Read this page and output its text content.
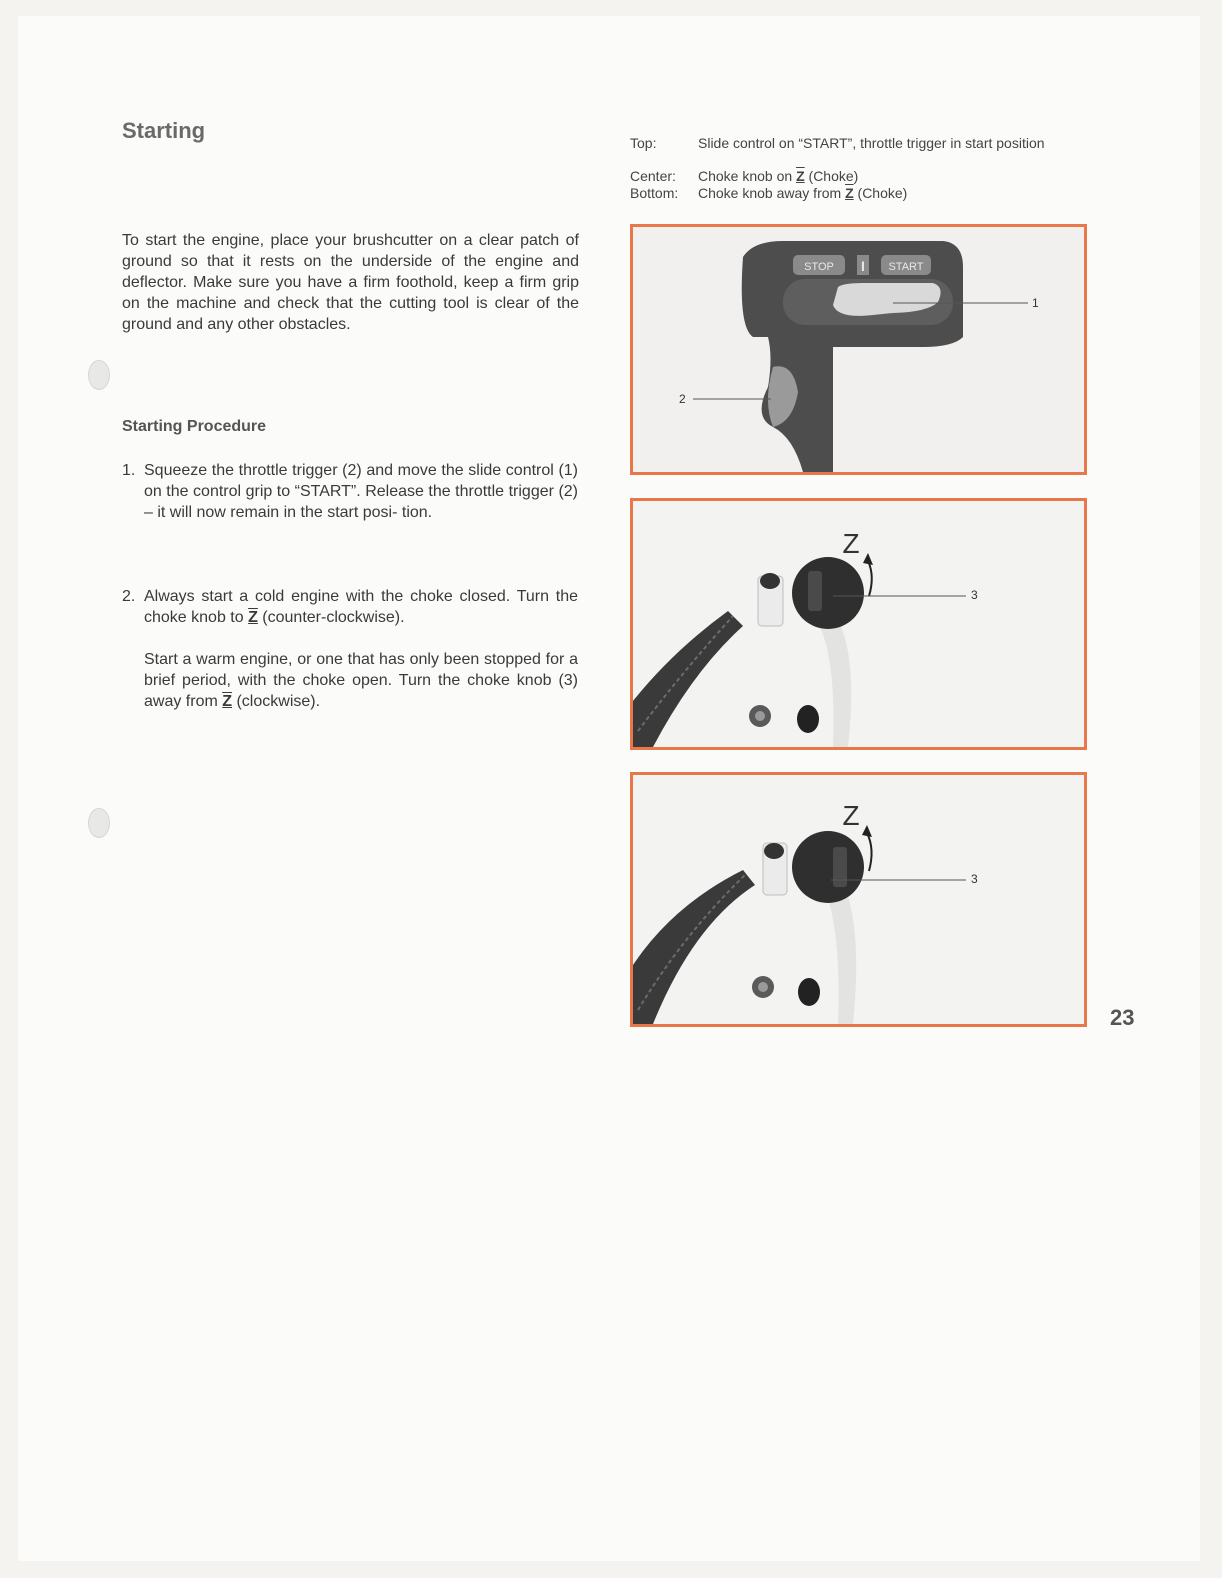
Starting
To start the engine, place your brushcutter on a clear patch of ground so that it rests on the underside of the engine and deflector. Make sure you have a firm foothold, keep a firm grip on the machine and check that the cutting tool is clear of the ground and any other obstacles.
Starting Procedure
1. Squeeze the throttle trigger (2) and move the slide control (1) on the control grip to “START”. Release the throttle trigger (2) – it will now remain in the start posi- tion.
2. Always start a cold engine with the choke closed. Turn the choke knob to Z (counter-clockwise).
Start a warm engine, or one that has only been stopped for a brief period, with the choke open. Turn the choke knob (3) away from Z (clockwise).
Top:	Slide control on “START”, throttle trigger in start position
Center: Choke knob on Z (Choke)
Bottom: Choke knob away from Z (Choke)
STOP I START
1
2
Z
3
Z
3
23
